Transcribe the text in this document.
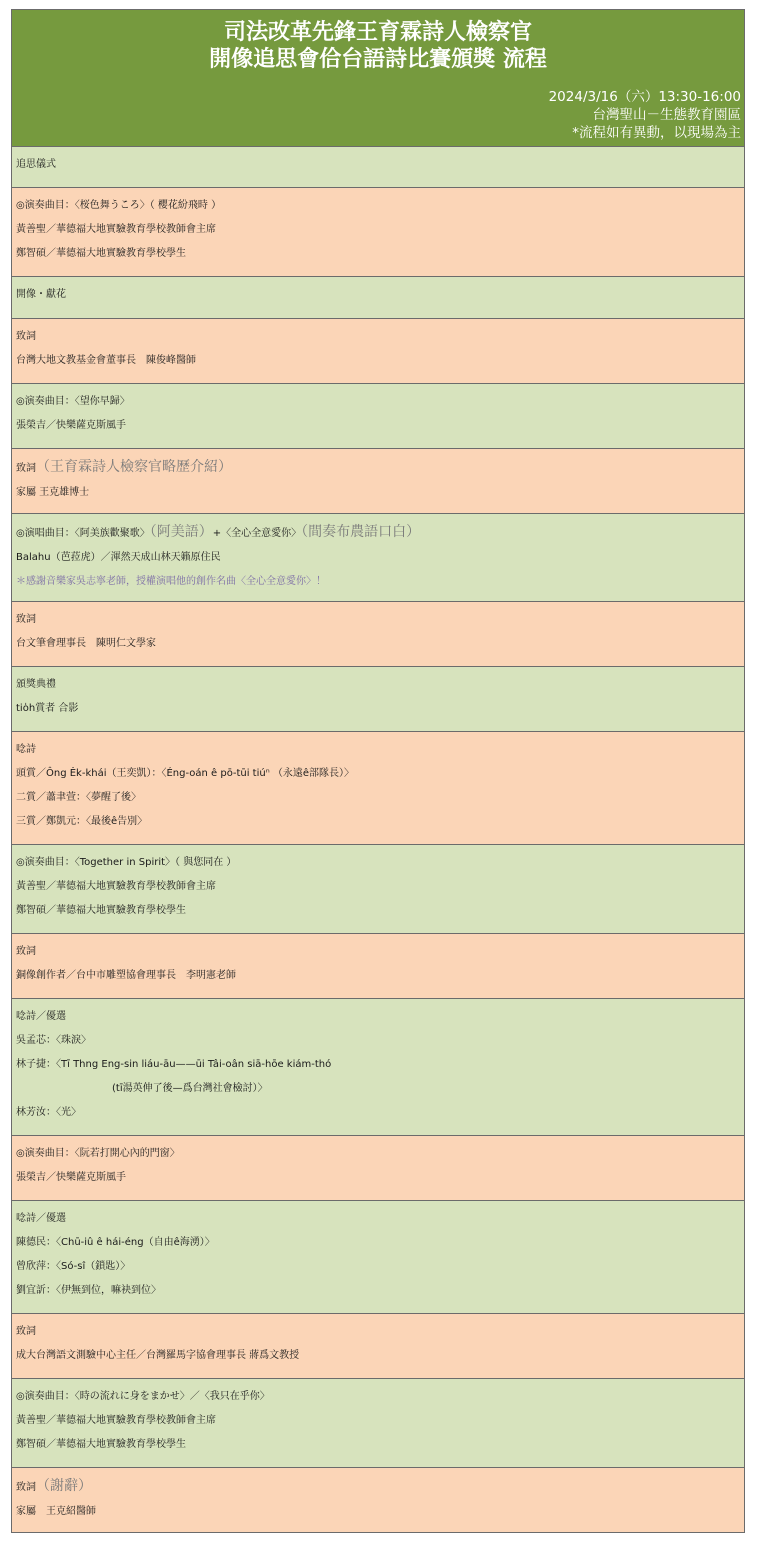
司法改革先鋒王育霖詩人檢察官
開像追思會佮台語詩比賽頒獎 流程
2024/3/16（六）13:30-16:00
台灣聖山－生態教育園區
*流程如有異動，以現場為主
追思儀式
◎演奏曲目：〈桜色舞うころ〉（ 櫻花紛飛時 ）
黃善聖／華德福大地實驗教育學校教師會主席
鄭智碩／華德福大地實驗教育學校學生
開像・獻花
致詞
台灣大地文教基金會董事長　陳俊峰醫師
◎演奏曲目：〈望你早歸〉
張榮吉／快樂薩克斯風手
致詞（王育霖詩人檢察官略歷介紹）
家屬 王克雄博士
◎演唱曲目：〈阿美族歡聚歌〉（阿美語）+〈全心全意愛你〉（間奏布農語口白）
Balahu（芭菈虎）／渾然天成山林天籟原住民
＊感謝音樂家吳志寧老師，授權演唱他的創作名曲〈全心全意愛你〉！
致詞
台文筆會理事長　陳明仁文學家
頒獎典禮
tio̍h賞者 合影
唸詩
頭賞／Ông Ėk-khái（王奕凱）：〈Éng-oán ê pō-tūi tiúⁿ （永遠ê部隊長）〉
二賞／蕭聿萱：〈夢醒了後〉
三賞／鄭凱元：〈最後ê告別〉
◎演奏曲目：〈Together in Spirit〉（ 與您同在 ）
黃善聖／華德福大地實驗教育學校教師會主席
鄭智碩／華德福大地實驗教育學校學生
致詞
銅像創作者／台中市雕塑協會理事長　李明憲老師
唸詩／優選
吳孟芯：〈珠淚〉
林子捷：〈Tī Thng Eng-sin liáu-āu——ūi Tâi-oân siā-hōe kiám-thó
(tī湯英伸了後—爲台灣社會檢討）〉
林芳汝：〈光〉
◎演奏曲目：〈阮若打開心內的門窗〉
張榮吉／快樂薩克斯風手
唸詩／優選
陳德民：〈Chū-iû ê hái-éng（自由ê海湧）〉
曾欣萍：〈Só-sî（鎖匙）〉
劉宜訢：〈伊無到位，嘛袂到位〉
致詞
成大台灣語文測驗中心主任／台灣羅馬字協會理事長 蔣爲文教授
◎演奏曲目：〈時の流れに身をまかせ〉／〈我只在乎你〉
黃善聖／華德福大地實驗教育學校教師會主席
鄭智碩／華德福大地實驗教育學校學生
致詞（謝辭）
家屬　王克紹醫師
